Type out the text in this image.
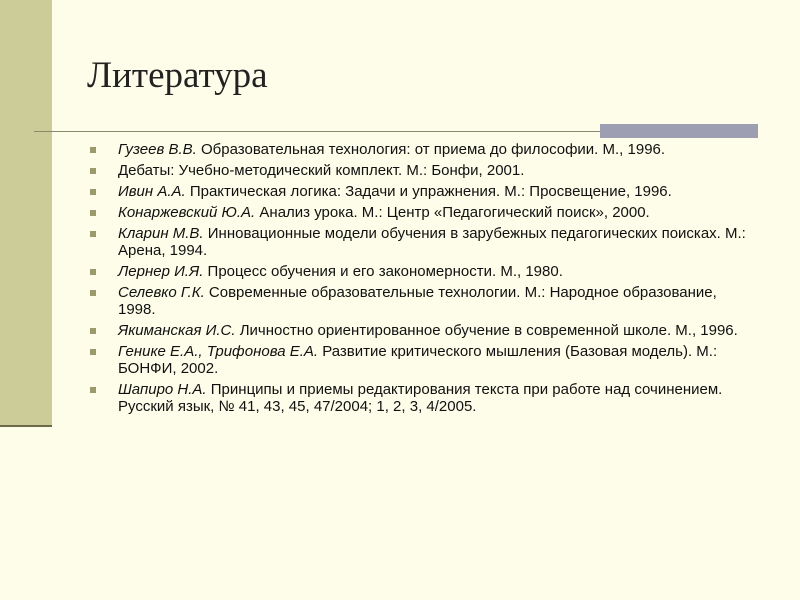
Литература
Гузеев В.В. Образовательная технология: от приема до философии. М., 1996.
Дебаты: Учебно-методический комплект. М.: Бонфи, 2001.
Ивин А.А. Практическая логика: Задачи и упражнения. М.: Просвещение, 1996.
Конаржевский Ю.А. Анализ урока. М.: Центр «Педагогический поиск», 2000.
Кларин М.В. Инновационные модели обучения в зарубежных педагогических поисках. М.: Арена, 1994.
Лернер И.Я. Процесс обучения и его закономерности. М., 1980.
Селевко Г.К. Современные образовательные технологии. М.: Народное образование, 1998.
Якиманская И.С. Личностно ориентированное обучение в современной школе. М., 1996.
Генике Е.А., Трифонова Е.А. Развитие критического мышления (Базовая модель). М.: БОНФИ, 2002.
Шапиро Н.А. Принципы и приемы редактирования текста при работе над сочинением. Русский язык, № 41, 43, 45, 47/2004; 1, 2, 3, 4/2005.
